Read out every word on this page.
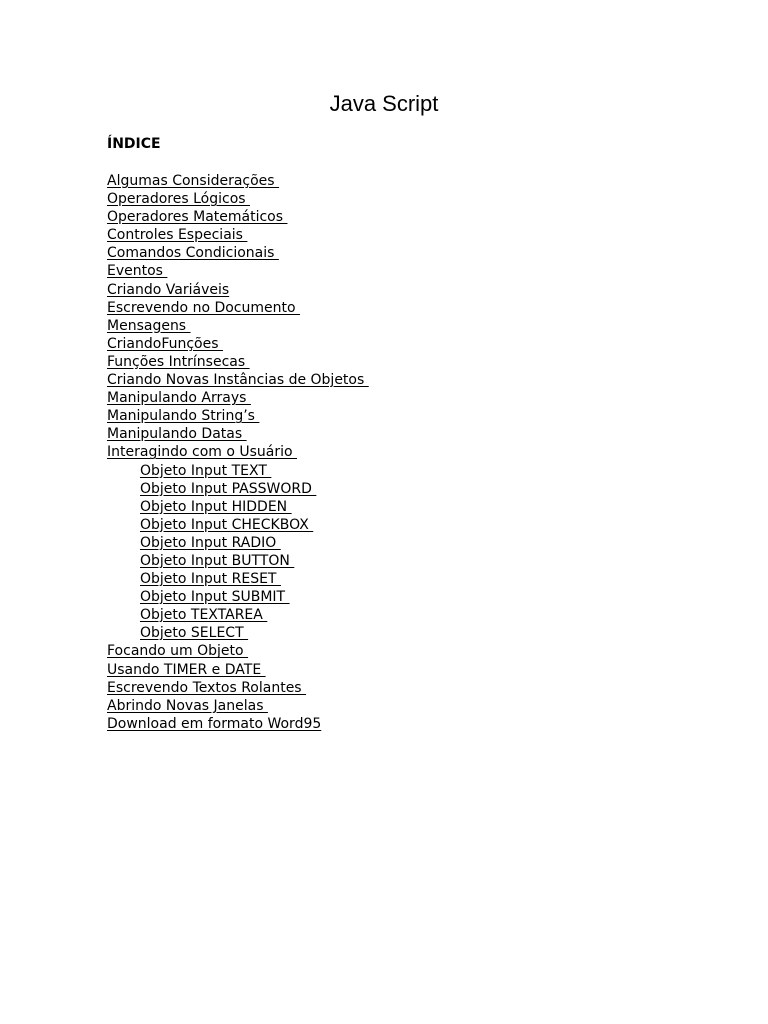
Java Script
ÍNDICE
Algumas Considerações
Operadores Lógicos
Operadores Matemáticos
Controles Especiais
Comandos Condicionais
Eventos
Criando Variáveis
Escrevendo no Documento
Mensagens
CriandoFunções
Funções Intrínsecas
Criando Novas Instâncias de Objetos
Manipulando Arrays
Manipulando String’s
Manipulando Datas
Interagindo com o Usuário
Objeto Input TEXT
Objeto Input PASSWORD
Objeto Input HIDDEN
Objeto Input CHECKBOX
Objeto Input RADIO
Objeto Input BUTTON
Objeto Input RESET
Objeto Input SUBMIT
Objeto TEXTAREA
Objeto SELECT
Focando um Objeto
Usando TIMER e DATE
Escrevendo Textos Rolantes
Abrindo Novas Janelas
Download em formato Word95
